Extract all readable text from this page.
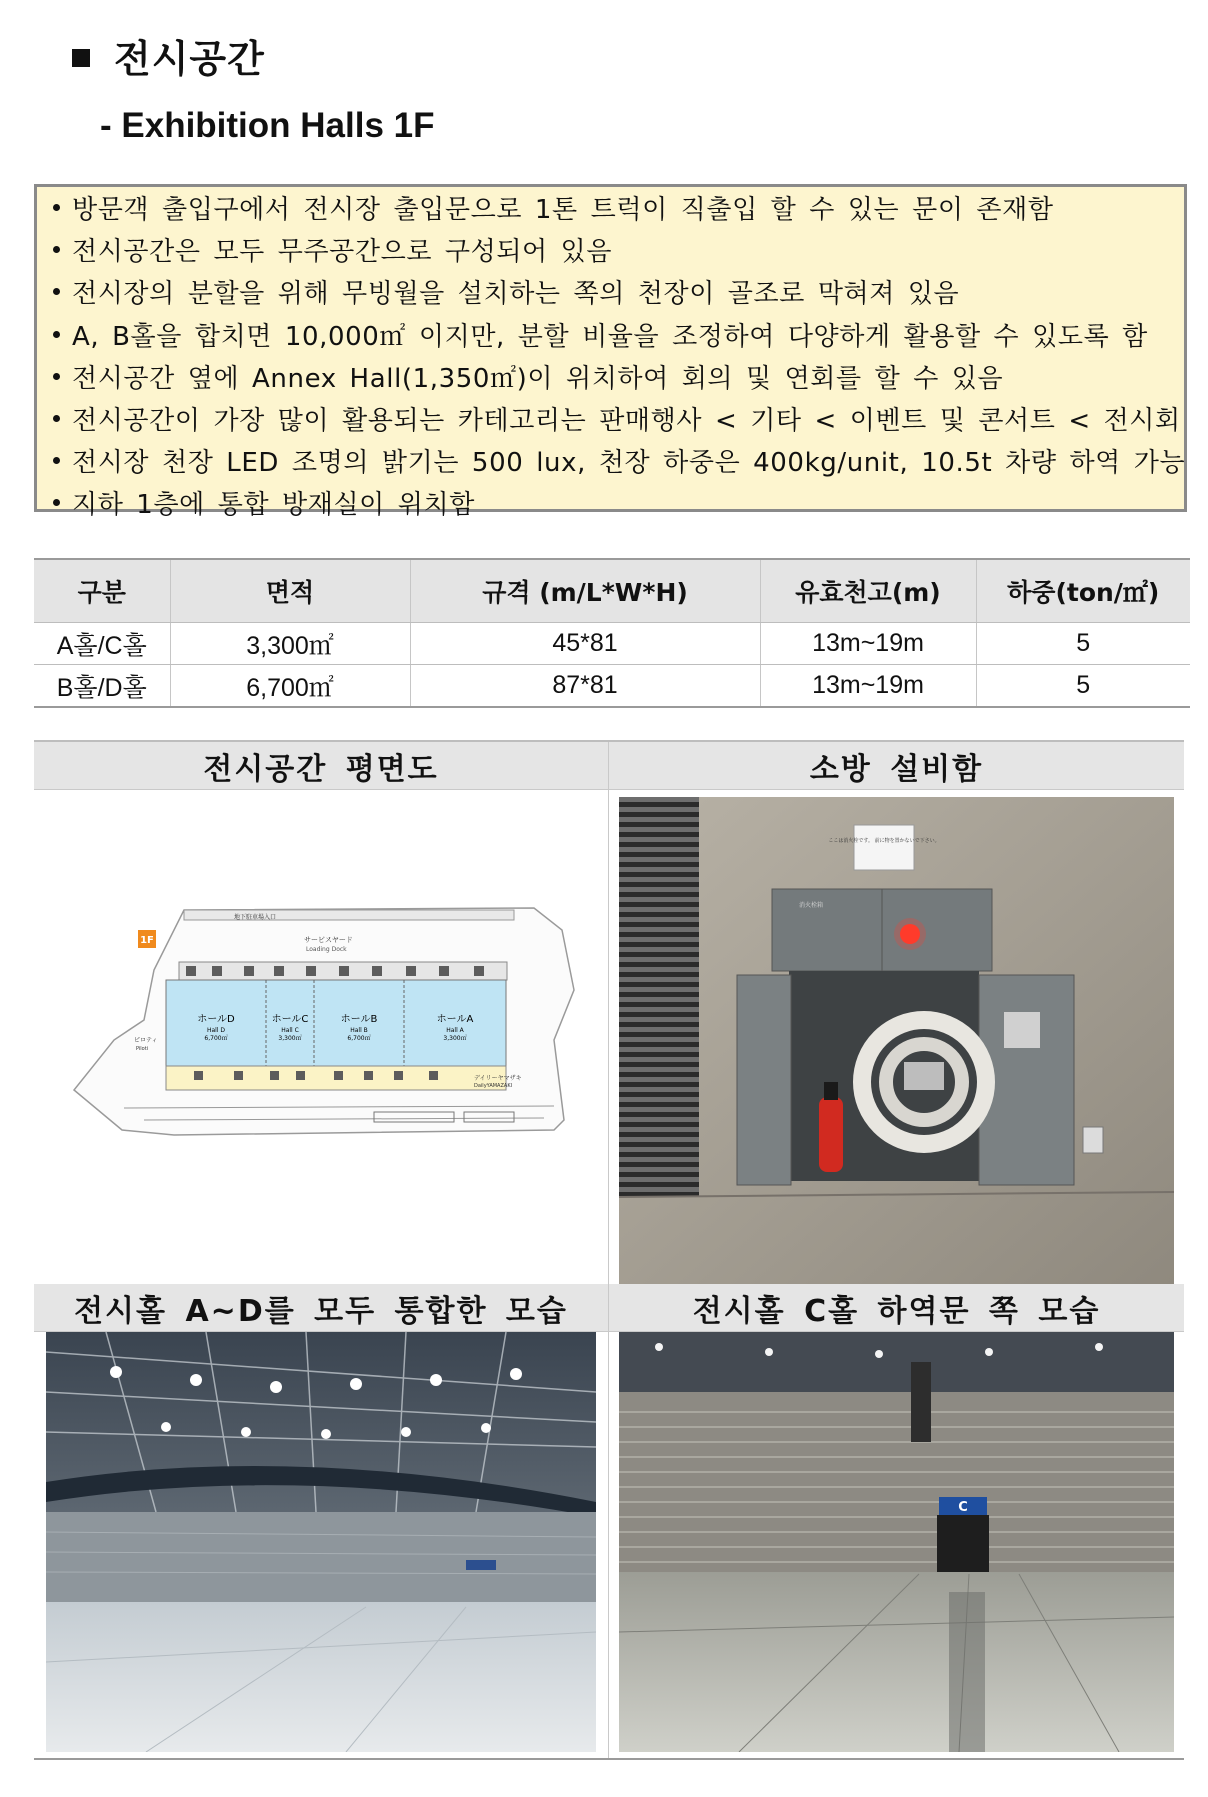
전시공간
- Exhibition Halls 1F
방문객 출입구에서 전시장 출입문으로 1톤 트럭이 직출입 할 수 있는 문이 존재함
전시공간은 모두 무주공간으로 구성되어 있음
전시장의 분할을 위해 무빙월을 설치하는 쪽의 천장이 골조로 막혀져 있음
A, B홀을 합치면 10,000㎡ 이지만, 분할 비율을 조정하여 다양하게 활용할 수 있도록 함
전시공간 옆에 Annex Hall(1,350㎡)이 위치하여 회의 및 연회를 할 수 있음
전시공간이 가장 많이 활용되는 카테고리는 판매행사 < 기타 < 이벤트 및 콘서트 < 전시회
전시장 천장 LED 조명의 밝기는 500 lux, 천장 하중은 400kg/unit, 10.5t 차량 하역 가능
지하 1층에 통합 방재실이 위치함
구분	면적	규격 (m/L*W*H)	유효천고(m)	하중(ton/㎡)
A홀/C홀	3,300㎡	45*81	13m~19m	5
B홀/D홀	6,700㎡	87*81	13m~19m	5
전시공간 평면도	소방 설비함
1F
地下駐車場入口
サービスヤード
Loading Dock
ホールD
Hall D
6,700㎡
ホールC
Hall C
3,300㎡
ホールB
Hall B
6,700㎡
ホールA
Hall A
3,300㎡
デイリーヤマザキ
DailyYAMAZAKI
ピロティ
Piloti
ここは消火栓です。 前に物を置かないで下さい。
消火栓箱
전시홀 A~D를 모두 통합한 모습	전시홀 C홀 하역문 쪽 모습
C
